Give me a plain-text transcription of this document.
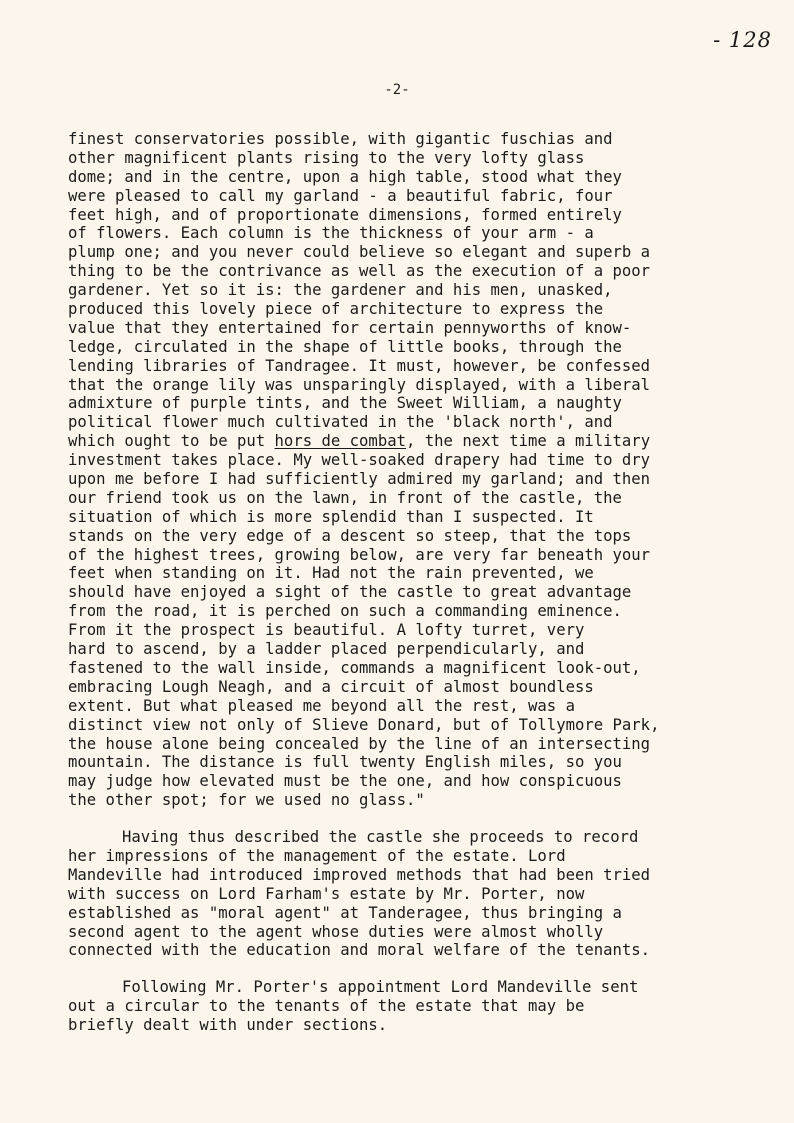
- 128
-2-
finest conservatories possible, with gigantic fuschias and
other magnificent plants rising to the very lofty glass
dome; and in the centre, upon a high table, stood what they
were pleased to call my garland - a beautiful fabric, four
feet high, and of proportionate dimensions, formed entirely
of flowers. Each column is the thickness of your arm - a
plump one; and you never could believe so elegant and superb a
thing to be the contrivance as well as the execution of a poor
gardener. Yet so it is: the gardener and his men, unasked,
produced this lovely piece of architecture to express the
value that they entertained for certain pennyworths of know-
ledge, circulated in the shape of little books, through the
lending libraries of Tandragee. It must, however, be confessed
that the orange lily was unsparingly displayed, with a liberal
admixture of purple tints, and the Sweet William, a naughty
political flower much cultivated in the 'black north', and
which ought to be put hors de combat, the next time a military
investment takes place. My well-soaked drapery had time to dry
upon me before I had sufficiently admired my garland; and then
our friend took us on the lawn, in front of the castle, the
situation of which is more splendid than I suspected. It
stands on the very edge of a descent so steep, that the tops
of the highest trees, growing below, are very far beneath your
feet when standing on it. Had not the rain prevented, we
should have enjoyed a sight of the castle to great advantage
from the road, it is perched on such a commanding eminence.
From it the prospect is beautiful. A lofty turret, very
hard to ascend, by a ladder placed perpendicularly, and
fastened to the wall inside, commands a magnificent look-out,
embracing Lough Neagh, and a circuit of almost boundless
extent. But what pleased me beyond all the rest, was a
distinct view not only of Slieve Donard, but of Tollymore Park,
the house alone being concealed by the line of an intersecting
mountain. The distance is full twenty English miles, so you
may judge how elevated must be the one, and how conspicuous
the other spot; for we used no glass."
Having thus described the castle she proceeds to record
her impressions of the management of the estate. Lord
Mandeville had introduced improved methods that had been tried
with success on Lord Farham's estate by Mr. Porter, now
established as "moral agent" at Tanderagee, thus bringing a
second agent to the agent whose duties were almost wholly
connected with the education and moral welfare of the tenants.
Following Mr. Porter's appointment Lord Mandeville sent
out a circular to the tenants of the estate that may be
briefly dealt with under sections.
